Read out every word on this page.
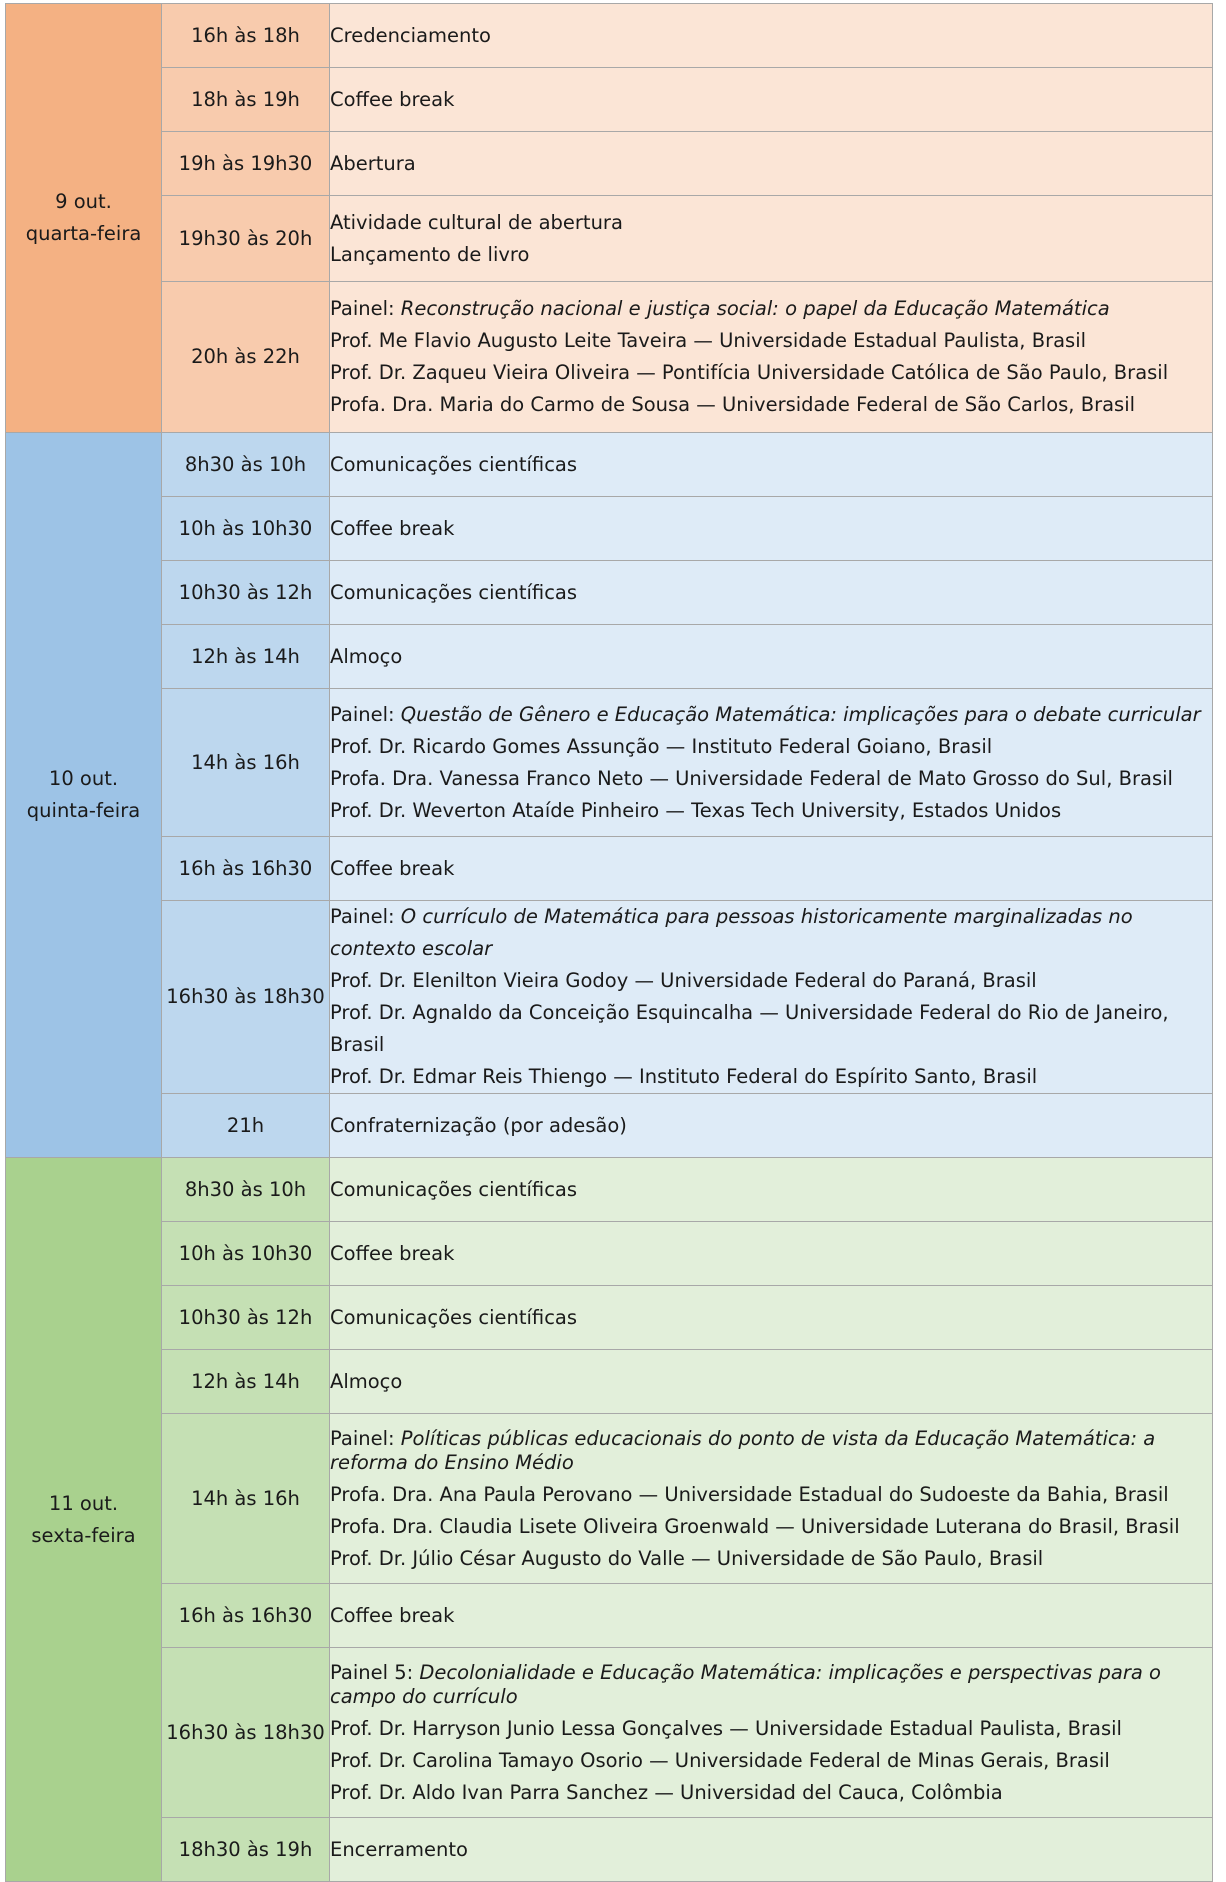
9 out.
quarta-feira	16h às 18h	Credenciamento

	18h às 19h	Coffee break

	19h às 19h30	Abertura

	19h30 às 20h	Atividade cultural de abertura
Lançamento de livro

	20h às 22h	Painel: Reconstrução nacional e justiça social: o papel da Educação Matemática
Prof. Me Flavio Augusto Leite Taveira — Universidade Estadual Paulista, Brasil
Prof. Dr. Zaqueu Vieira Oliveira — Pontifícia Universidade Católica de São Paulo, Brasil
Profa. Dra. Maria do Carmo de Sousa — Universidade Federal de São Carlos, Brasil

10 out.
quinta-feira	8h30 às 10h	Comunicações científicas

	10h às 10h30	Coffee break

	10h30 às 12h	Comunicações científicas

	12h às 14h	Almoço

	14h às 16h	Painel: Questão de Gênero e Educação Matemática: implicações para o debate curricular
Prof. Dr. Ricardo Gomes Assunção — Instituto Federal Goiano, Brasil
Profa. Dra. Vanessa Franco Neto — Universidade Federal de Mato Grosso do Sul, Brasil
Prof. Dr. Weverton Ataíde Pinheiro — Texas Tech University, Estados Unidos

	16h às 16h30	Coffee break

	16h30 às 18h30	Painel: O currículo de Matemática para pessoas historicamente marginalizadas no contexto escolar
Prof. Dr. Elenilton Vieira Godoy — Universidade Federal do Paraná, Brasil
Prof. Dr. Agnaldo da Conceição Esquincalha — Universidade Federal do Rio de Janeiro, Brasil
Prof. Dr. Edmar Reis Thiengo — Instituto Federal do Espírito Santo, Brasil

	21h	Confraternização (por adesão)

11 out.
sexta-feira	8h30 às 10h	Comunicações científicas

	10h às 10h30	Coffee break

	10h30 às 12h	Comunicações científicas

	12h às 14h	Almoço

	14h às 16h	Painel: Políticas públicas educacionais do ponto de vista da Educação Matemática: a reforma do Ensino Médio
Profa. Dra. Ana Paula Perovano — Universidade Estadual do Sudoeste da Bahia, Brasil
Profa. Dra. Claudia Lisete Oliveira Groenwald — Universidade Luterana do Brasil, Brasil
Prof. Dr. Júlio César Augusto do Valle — Universidade de São Paulo, Brasil

	16h às 16h30	Coffee break

	16h30 às 18h30	Painel 5: Decolonialidade e Educação Matemática: implicações e perspectivas para o campo do currículo
Prof. Dr. Harryson Junio Lessa Gonçalves — Universidade Estadual Paulista, Brasil
Prof. Dr. Carolina Tamayo Osorio — Universidade Federal de Minas Gerais, Brasil
Prof. Dr. Aldo Ivan Parra Sanchez — Universidad del Cauca, Colômbia

	18h30 às 19h	Encerramento
